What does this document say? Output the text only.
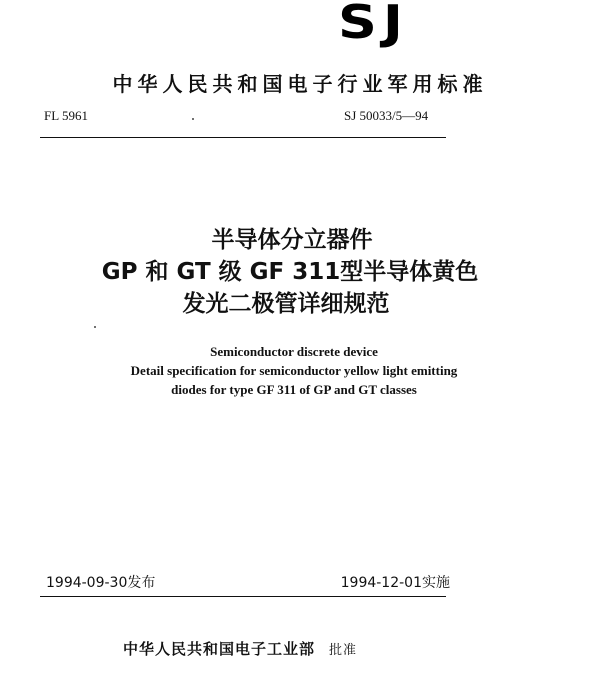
SJ
中华人民共和国电子行业军用标准
FL 5961	SJ 50033/5—94
半导体分立器件
GP 和 GT 级 GF 311型半导体黄色
发光二极管详细规范
Semiconductor discrete device
Detail specification for semiconductor yellow light emitting
diodes for type GF 311 of GP and GT classes
1994-09-30发布	1994-12-01实施
中华人民共和国电子工业部 批准
